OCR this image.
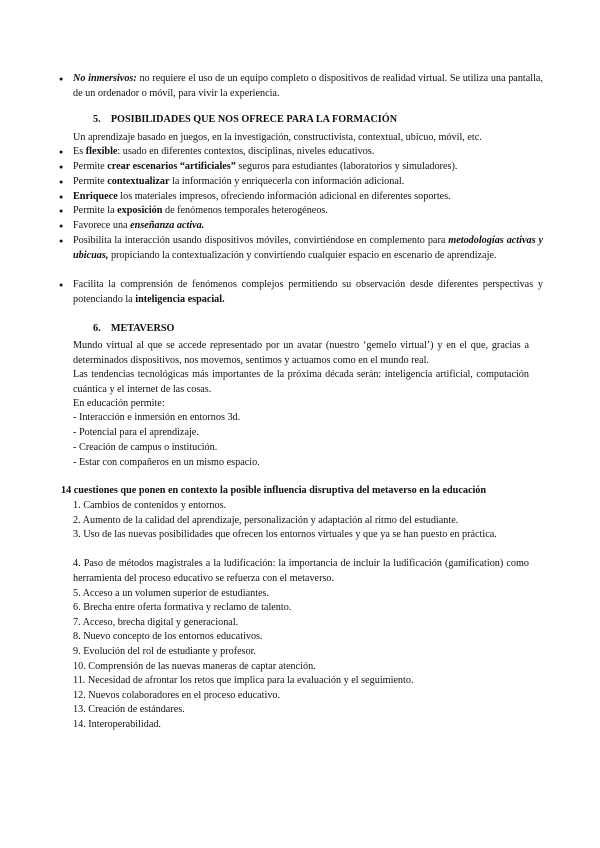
● No inmersivos: no requiere el uso de un equipo completo o dispositivos de realidad virtual. Se utiliza una pantalla, de un ordenador o móvil, para vivir la experiencia.
5. POSIBILIDADES QUE NOS OFRECE PARA LA FORMACIÓN
Un aprendizaje basado en juegos, en la investigación, constructivista, contextual, ubicuo, móvil, etc.
● Es flexible: usado en diferentes contextos, disciplinas, niveles educativos.
● Permite crear escenarios “artificiales” seguros para estudiantes (laboratorios y simuladores).
● Permite contextualizar la información y enriquecerla con información adicional.
● Enriquece los materiales impresos, ofreciendo información adicional en diferentes soportes.
● Permite la exposición de fenómenos temporales heterogéneos.
● Favorece una enseñanza activa.
● Posibilita la interacción usando dispositivos móviles, convirtiéndose en complemento para metodologías activas y ubicuas, propiciando la contextualización y convirtiendo cualquier espacio en escenario de aprendizaje.
● Facilita la comprensión de fenómenos complejos permitiendo su observación desde diferentes perspectivas y potenciando la inteligencia espacial.
6. METAVERSO
Mundo virtual al que se accede representado por un avatar (nuestro ‘gemelo virtual’) y en el que, gracias a determinados dispositivos, nos movemos, sentimos y actuamos como en el mundo real.
Las tendencias tecnológicas más importantes de la próxima década serán: inteligencia artificial, computación cuántica y el internet de las cosas.
En educación permite:
- Interacción e inmersión en entornos 3d.
- Potencial para el aprendizaje.
- Creación de campus o institución.
- Estar con compañeros en un mismo espacio.
14 cuestiones que ponen en contexto la posible influencia disruptiva del metaverso en la educación
1. Cambios de contenidos y entornos.
2. Aumento de la calidad del aprendizaje, personalización y adaptación al ritmo del estudiante.
3. Uso de las nuevas posibilidades que ofrecen los entornos virtuales y que ya se han puesto en práctica.
4. Paso de métodos magistrales a la ludificación: la importancia de incluir la ludificación (gamification) como herramienta del proceso educativo se refuerza con el metaverso.
5. Acceso a un volumen superior de estudiantes.
6. Brecha entre oferta formativa y reclamo de talento.
7. Acceso, brecha digital y generacional.
8. Nuevo concepto de los entornos educativos.
9. Evolución del rol de estudiante y profesor.
10. Comprensión de las nuevas maneras de captar atención.
11. Necesidad de afrontar los retos que implica para la evaluación y el seguimiento.
12. Nuevos colaboradores en el proceso educativo.
13. Creación de estándares.
14. Interoperabilidad.
